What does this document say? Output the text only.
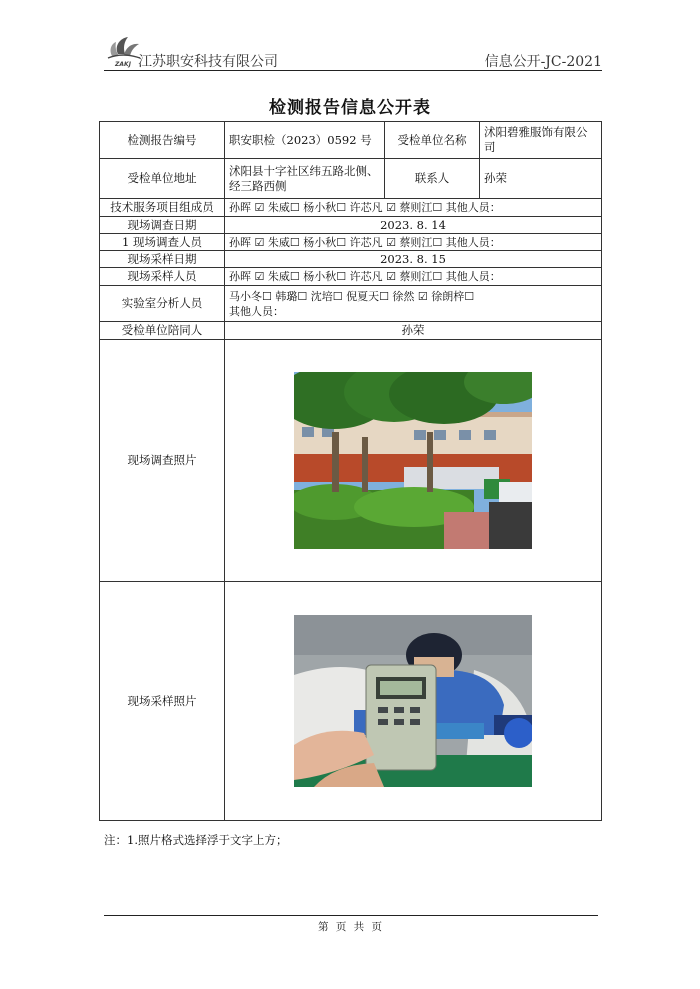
ZAKJ 江苏职安科技有限公司	信息公开-JC-2021
检测报告信息公开表
检测报告编号	职安职检（2023）0592 号	受检单位名称	沭阳碧雅服饰有限公司
受检单位地址	沭阳县十字社区纬五路北侧、经三路西侧	联系人	孙荣
技术服务项目组成员	孙晖 ☑ 朱威☐ 杨小秋☐ 许芯凡 ☑ 蔡则江☐ 其他人员：		
现场调查日期	2023. 8. 14		
1 现场调查人员	孙晖 ☑ 朱威☐ 杨小秋☐ 许芯凡 ☑ 蔡则江☐ 其他人员：		
现场采样日期	2023. 8. 15		
现场采样人员	孙晖 ☑ 朱威☐ 杨小秋☐ 许芯凡 ☑ 蔡则江☐ 其他人员：		
实验室分析人员	马小冬☐ 韩璐☐ 沈培☐ 倪夏天☐ 徐然 ☑ 徐朗梓☐
其他人员：		

受检单位陪同人	孙荣		
现场调查照片	

现场采样照片	
注：1.照片格式选择浮于文字上方；
第 页 共 页
